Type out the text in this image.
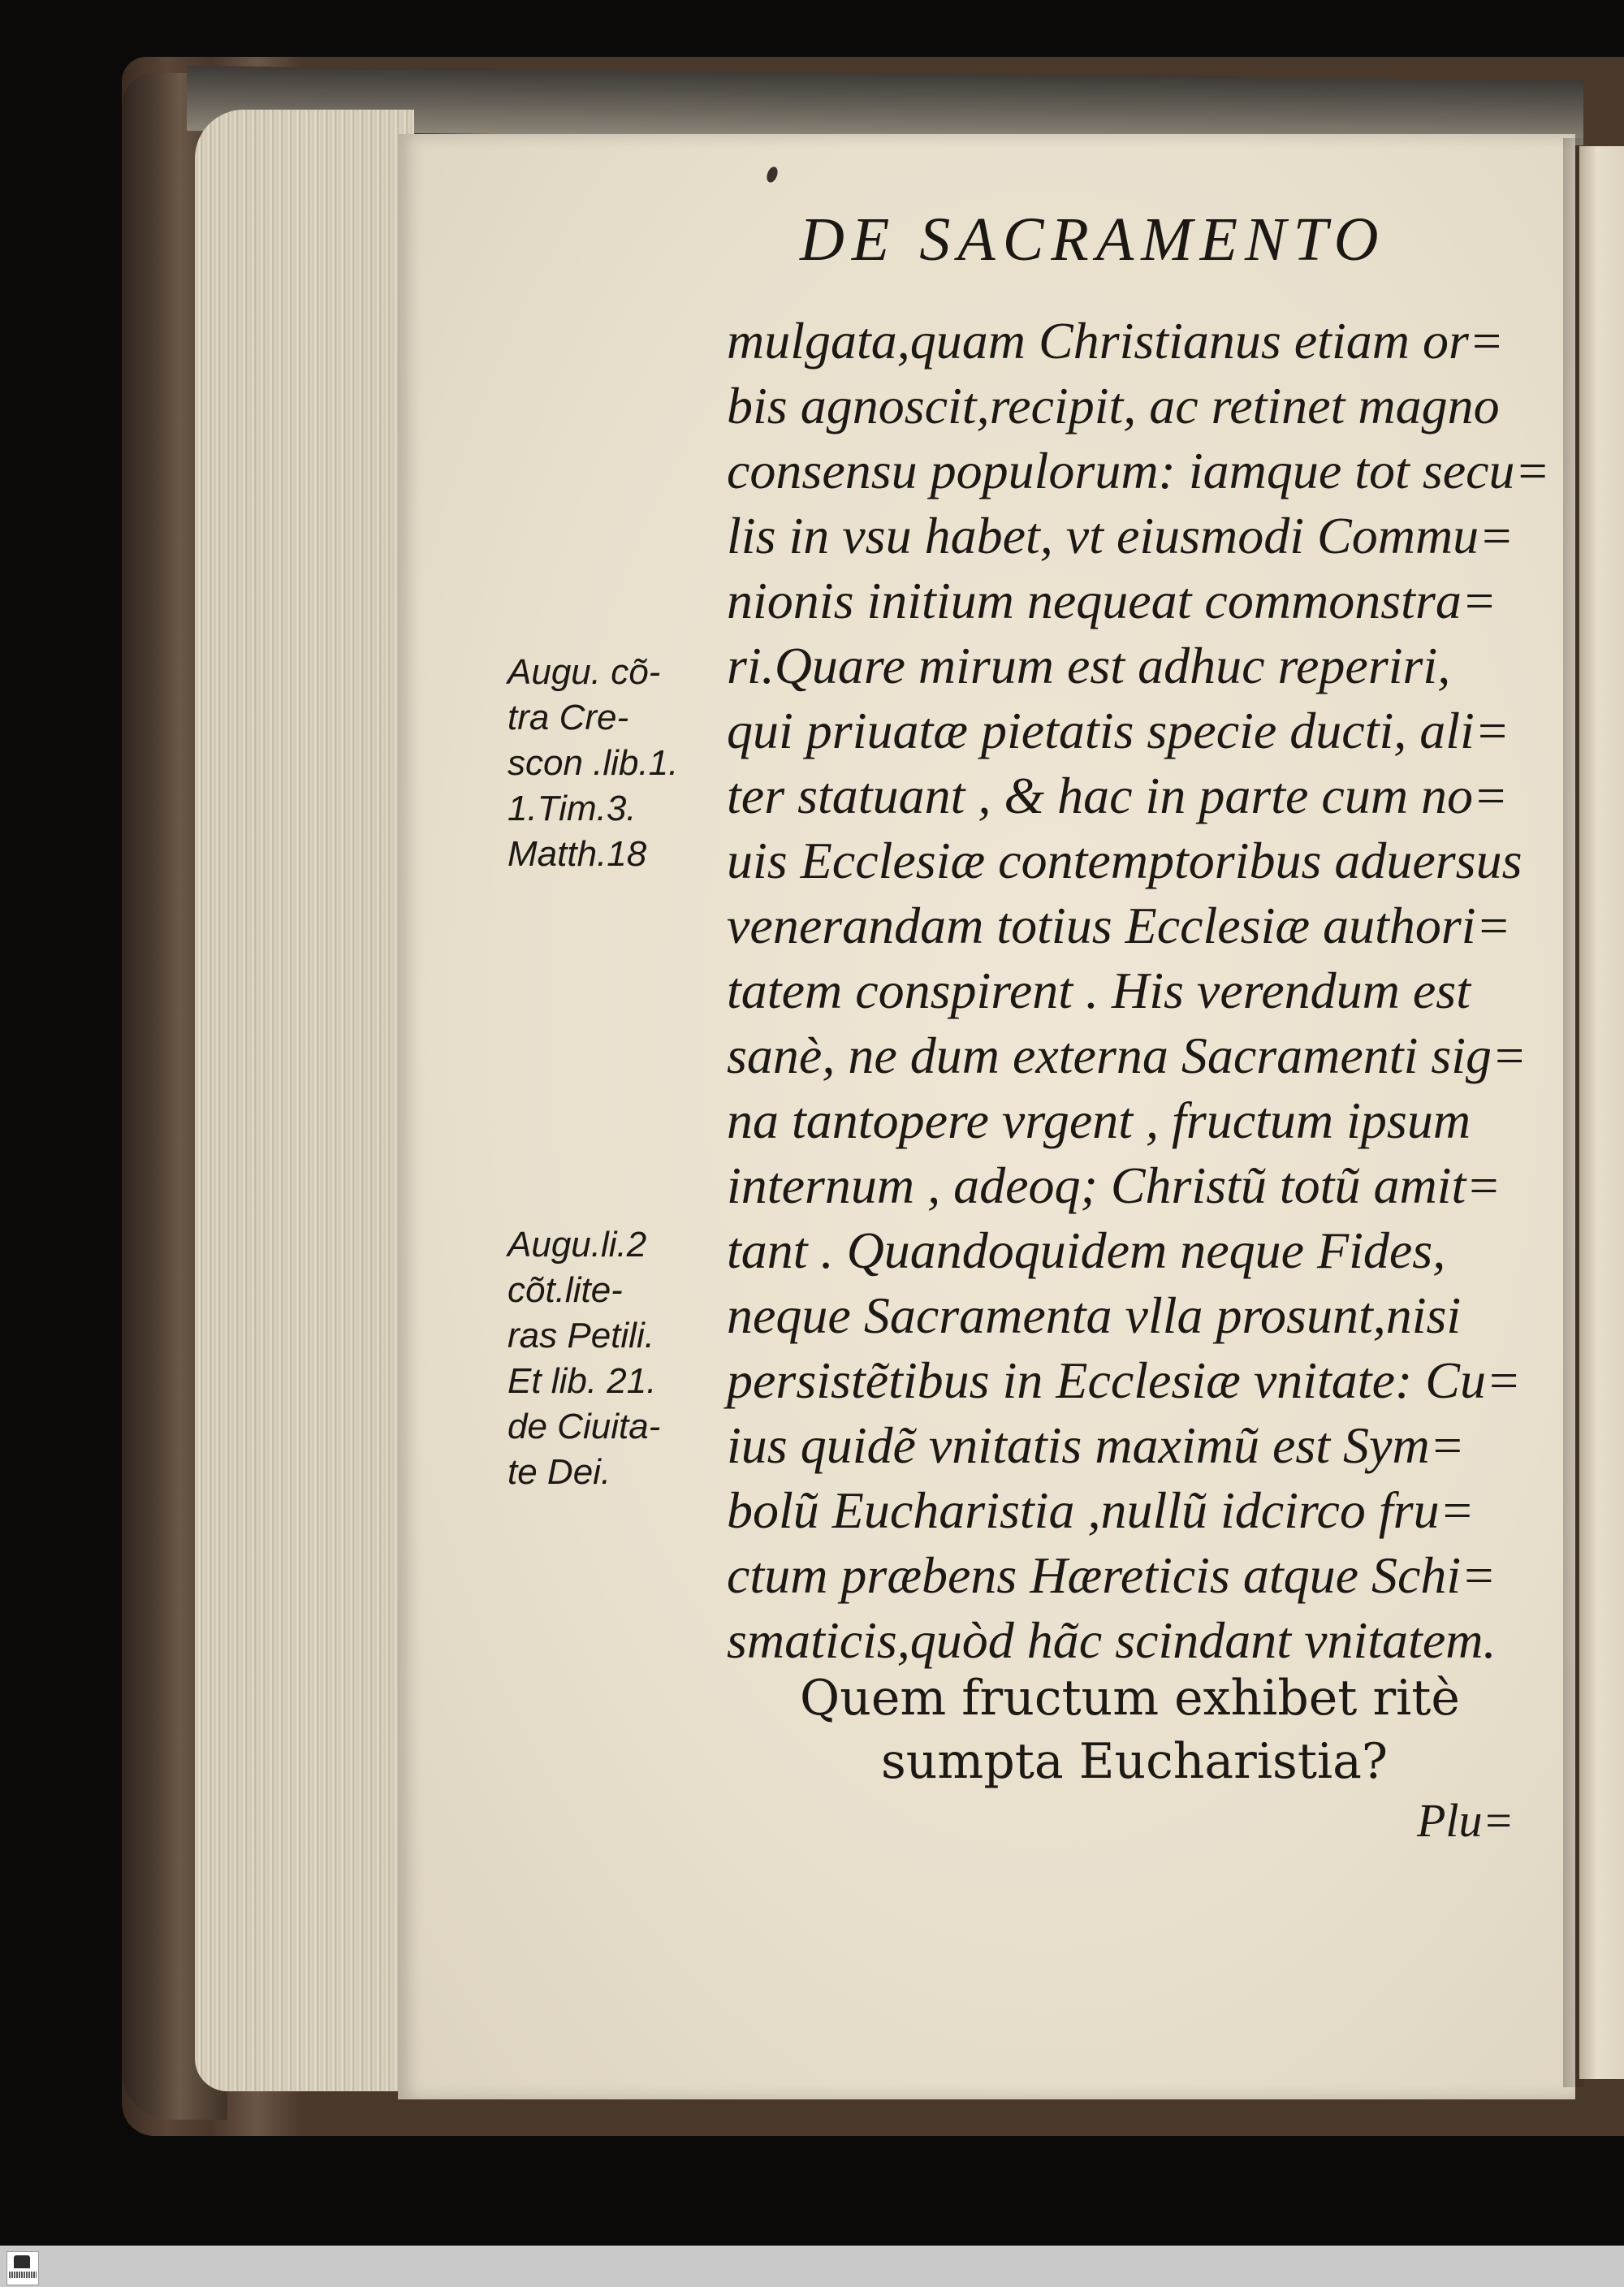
DE SACRAMENTO
mulgata,quam Christianus etiam or=
bis agnoscit,recipit, ac retinet magno
consensu populorum: iamque tot secu=
lis in vsu habet, vt eiusmodi Commu=
nionis initium nequeat commonstra=
ri.Quare mirum est adhuc reperiri,
qui priuatæ pietatis specie ducti, ali=
ter statuant , & hac in parte cum no=
uis Ecclesiæ contemptoribus aduersus
venerandam totius Ecclesiæ authori=
tatem conspirent . His verendum est
sanè, ne dum externa Sacramenti sig=
na tantopere vrgent , fructum ipsum
internum , adeoq; Christũ totũ amit=
tant . Quandoquidem neque Fides,
neque Sacramenta vlla prosunt,nisi
persistẽtibus in Ecclesiæ vnitate: Cu=
ius quidẽ vnitatis maximũ est Sym=
bolũ Eucharistia ,nullũ idcirco fru=
ctum præbens Hæreticis atque Schi=
smaticis,quòd hãc scindant vnitatem.
Augu. cõ-
tra Cre-
scon .lib.1.
1.Tim.3.
Matth.18
Augu.li.2
cõt.lite-
ras Petili.
Et lib. 21.
de Ciuita-
te Dei.
Quem fructum exhibet ritè
sumpta Eucharistia?
Plu=
